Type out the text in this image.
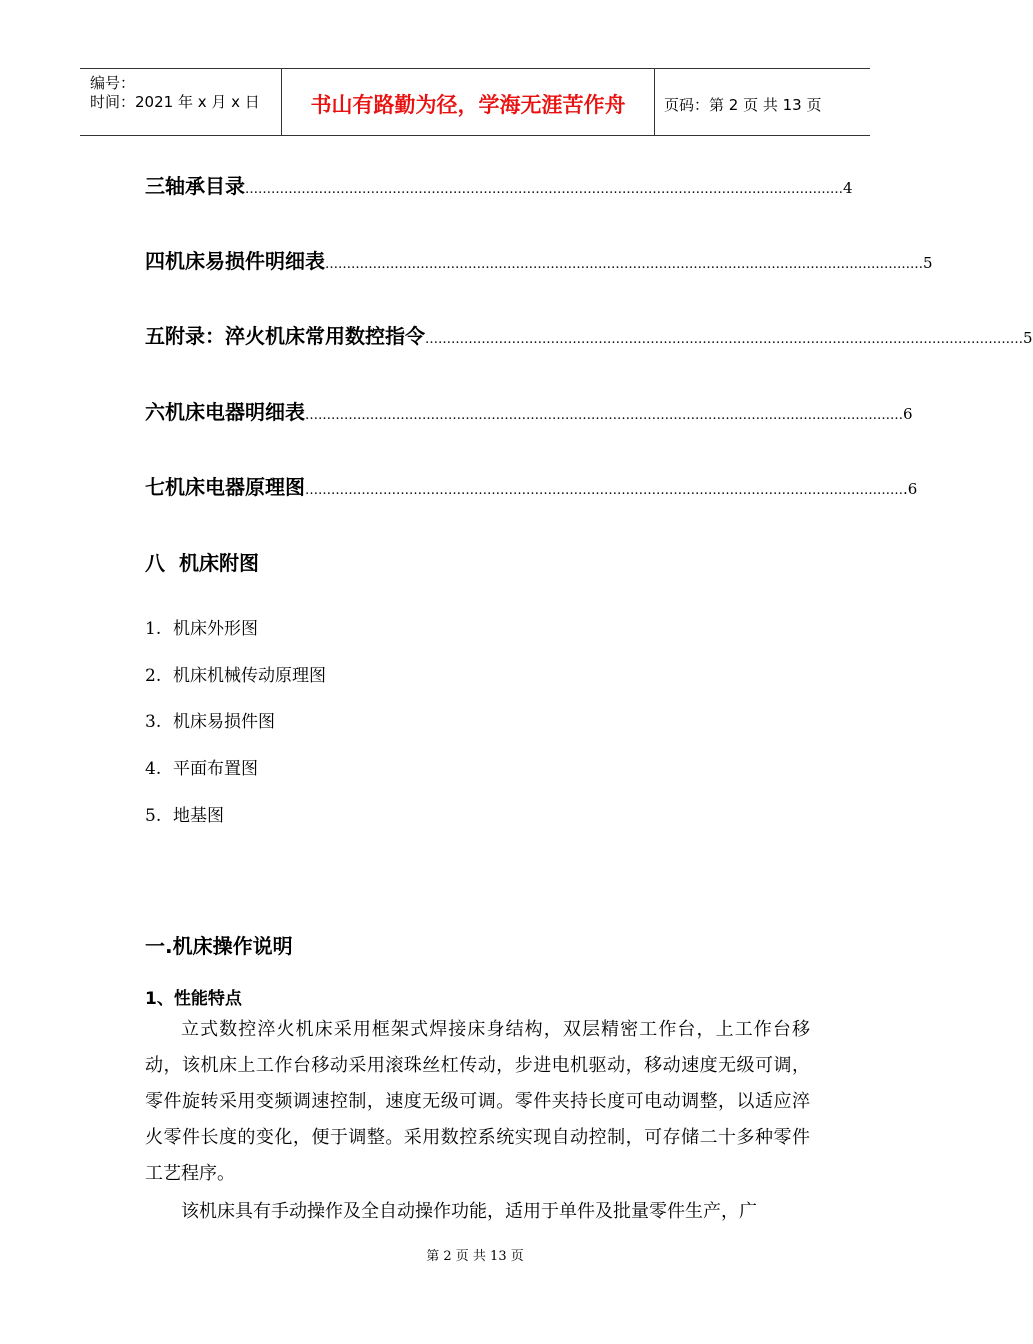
编号：
时间：2021 年 x 月 x 日	书山有路勤为径，学海无涯苦作舟	页码：第 2 页 共 13 页
三 轴承目录 ………………………………………………………………………………………………………………………… 4
四 机床易损件明细表 ………………………………………………………………………………………………………………………… 5
五 附录：淬火机床常用数控指令 ………………………………………………………………………………………………………………………… 5
六 机床电器明细表 ………………………………………………………………………………………………………………………… 6
七 机床电器原理图 ………………………………………………………………………………………………………………………… .6
八 机床附图
1. 机床外形图
2. 机床机械传动原理图
3. 机床易损件图
4. 平面布置图
5. 地基图
一.机床操作说明
1、性能特点
立式数控淬火机床采用框架式焊接床身结构，双层精密工作台，上工作台移动，该机床上工作台移动采用滚珠丝杠传动，步进电机驱动，移动速度无级可调，零件旋转采用变频调速控制，速度无级可调。零件夹持长度可电动调整，以适应淬火零件长度的变化，便于调整。采用数控系统实现自动控制，可存储二十多种零件工艺程序。
该机床具有手动操作及全自动操作功能，适用于单件及批量零件生产，广
第 2 页 共 13 页
